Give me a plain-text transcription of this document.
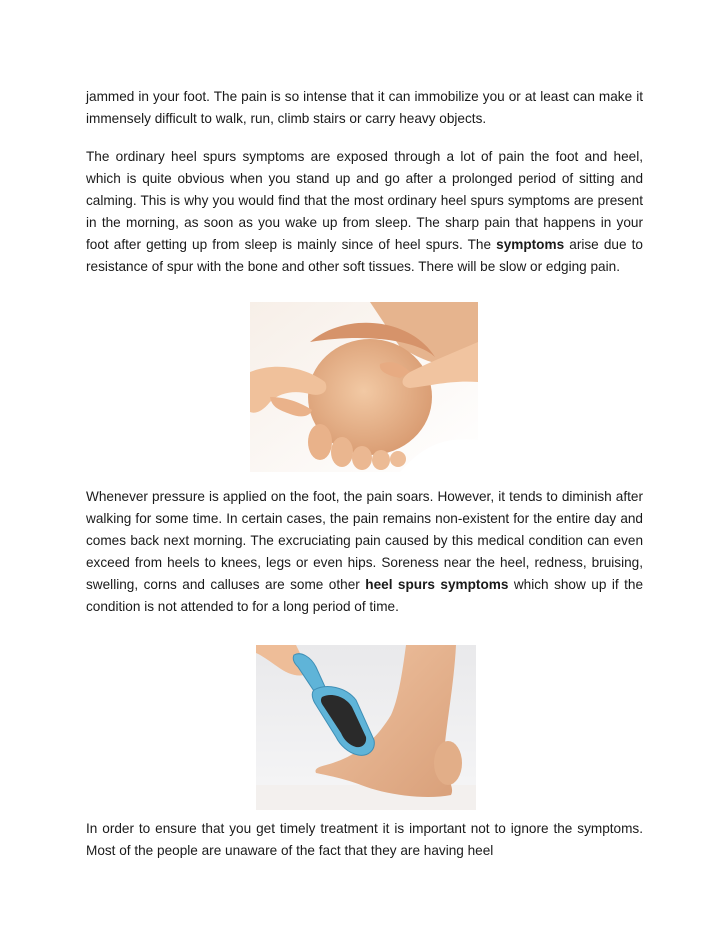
jammed in your foot. The pain is so intense that it can immobilize you or at least can make it immensely difficult to walk, run, climb stairs or carry heavy objects.

The ordinary heel spurs symptoms are exposed through a lot of pain the foot and heel, which is quite obvious when you stand up and go after a prolonged period of sitting and calming. This is why you would find that the most ordinary heel spurs symptoms are present in the morning, as soon as you wake up from sleep. The sharp pain that happens in your foot after getting up from sleep is mainly since of heel spurs. The symptoms arise due to resistance of spur with the bone and other soft tissues. There will be slow or edging pain.

Whenever pressure is applied on the foot, the pain soars. However, it tends to diminish after walking for some time. In certain cases, the pain remains non-existent for the entire day and comes back next morning. The excruciating pain caused by this medical condition can even exceed from heels to knees, legs or even hips. Soreness near the heel, redness, bruising, swelling, corns and calluses are some other heel spurs symptoms which show up if the condition is not attended to for a long period of time.

In order to ensure that you get timely treatment it is important not to ignore the symptoms. Most of the people are unaware of the fact that they are having heel
